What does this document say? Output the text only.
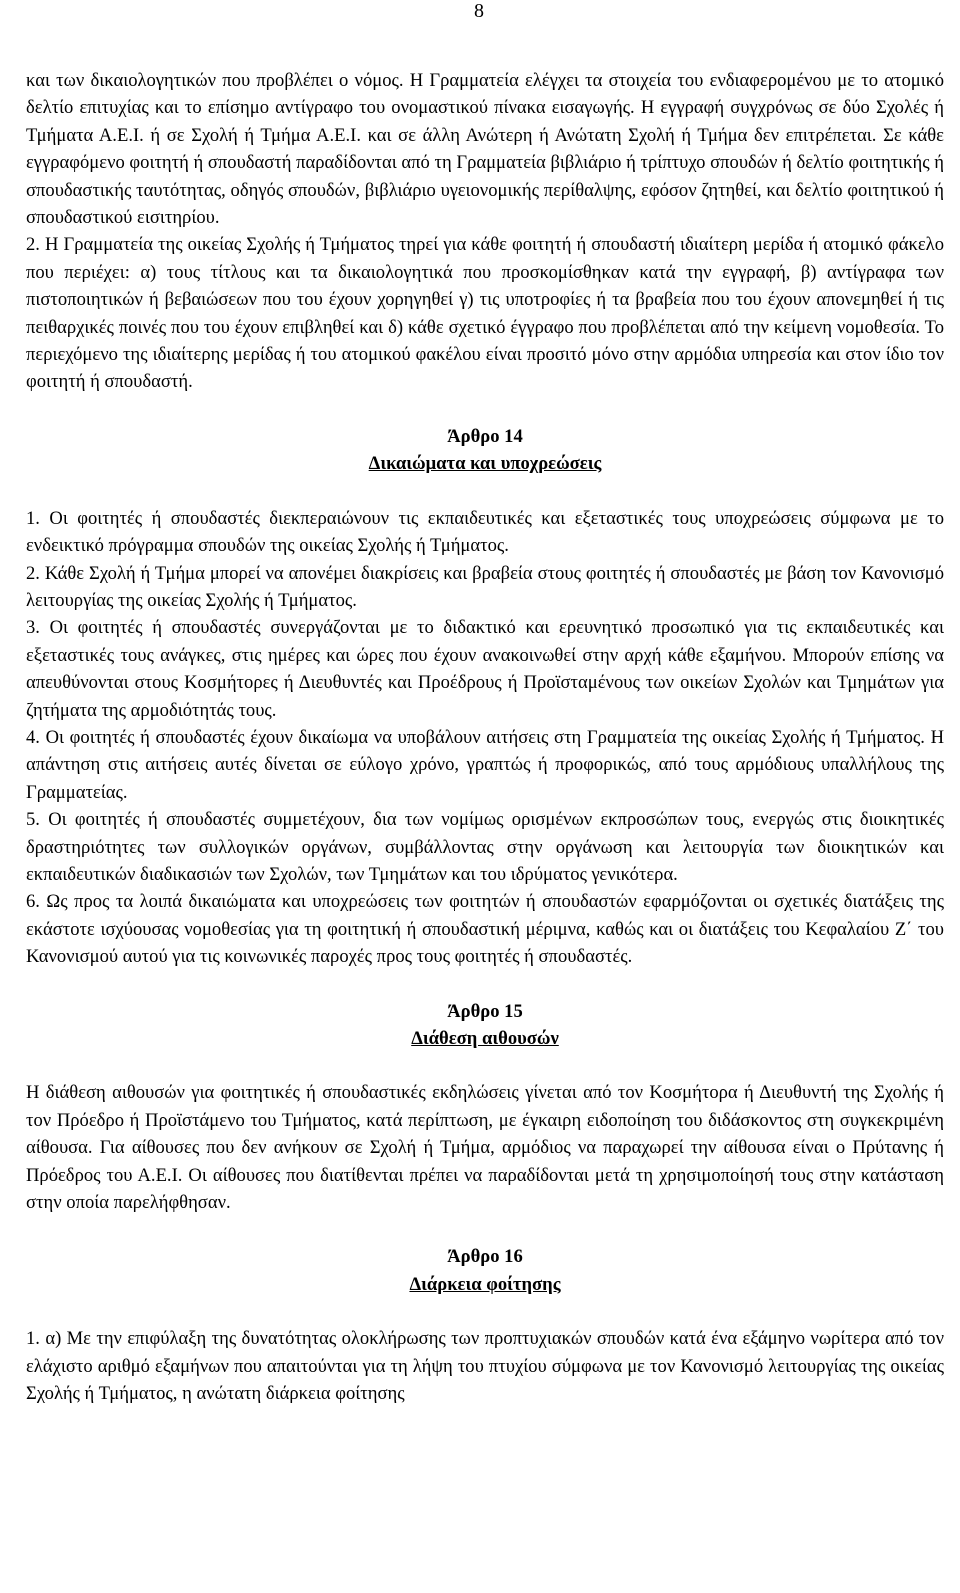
8

και των δικαιολογητικών που προβλέπει ο νόμος. Η Γραμματεία ελέγχει τα στοιχεία του ενδιαφερομένου με το ατομικό δελτίο επιτυχίας και το επίσημο αντίγραφο του ονομαστικού πίνακα εισαγωγής. Η εγγραφή συγχρόνως σε δύο Σχολές ή Τμήματα Α.Ε.Ι. ή σε Σχολή ή Τμήμα Α.Ε.Ι. και σε άλλη Ανώτερη ή Ανώτατη Σχολή ή Τμήμα δεν επιτρέπεται. Σε κάθε εγγραφόμενο φοιτητή ή σπουδαστή παραδίδονται από τη Γραμματεία βιβλιάριο ή τρίπτυχο σπουδών ή δελτίο φοιτητικής ή σπουδαστικής ταυτότητας, οδηγός σπουδών, βιβλιάριο υγειονομικής περίθαλψης, εφόσον ζητηθεί, και δελτίο φοιτητικού ή σπουδαστικού εισιτηρίου.

2. Η Γραμματεία της οικείας Σχολής ή Τμήματος τηρεί για κάθε φοιτητή ή σπουδαστή ιδιαίτερη μερίδα ή ατομικό φάκελο που περιέχει: α) τους τίτλους και τα δικαιολογητικά που προσκομίσθηκαν κατά την εγγραφή, β) αντίγραφα των πιστοποιητικών ή βεβαιώσεων που του έχουν χορηγηθεί γ) τις υποτροφίες ή τα βραβεία που του έχουν απονεμηθεί ή τις πειθαρχικές ποινές που του έχουν επιβληθεί και δ) κάθε σχετικό έγγραφο που προβλέπεται από την κείμενη νομοθεσία. Το περιεχόμενο της ιδιαίτερης μερίδας ή του ατομικού φακέλου είναι προσιτό μόνο στην αρμόδια υπηρεσία και στον ίδιο τον φοιτητή ή σπουδαστή.

Άρθρο 14
Δικαιώματα και υποχρεώσεις

1. Οι φοιτητές ή σπουδαστές διεκπεραιώνουν τις εκπαιδευτικές και εξεταστικές τους υποχρεώσεις σύμφωνα με το ενδεικτικό πρόγραμμα σπουδών της οικείας Σχολής ή Τμήματος.

2. Κάθε Σχολή ή Τμήμα μπορεί να απονέμει διακρίσεις και βραβεία στους φοιτητές ή σπουδαστές με βάση τον Κανονισμό λειτουργίας της οικείας Σχολής ή Τμήματος.

3. Οι φοιτητές ή σπουδαστές συνεργάζονται με το διδακτικό και ερευνητικό προσωπικό για τις εκπαιδευτικές και εξεταστικές τους ανάγκες, στις ημέρες και ώρες που έχουν ανακοινωθεί στην αρχή κάθε εξαμήνου. Μπορούν επίσης να απευθύνονται στους Κοσμήτορες ή Διευθυντές και Προέδρους ή Προϊσταμένους των οικείων Σχολών και Τμημάτων για ζητήματα της αρμοδιότητάς τους.

4. Οι φοιτητές ή σπουδαστές έχουν δικαίωμα να υποβάλουν αιτήσεις στη Γραμματεία της οικείας Σχολής ή Τμήματος. Η απάντηση στις αιτήσεις αυτές δίνεται σε εύλογο χρόνο, γραπτώς ή προφορικώς, από τους αρμόδιους υπαλλήλους της Γραμματείας.

5. Οι φοιτητές ή σπουδαστές συμμετέχουν, δια των νομίμως ορισμένων εκπροσώπων τους, ενεργώς στις διοικητικές δραστηριότητες των συλλογικών οργάνων, συμβάλλοντας στην οργάνωση και λειτουργία των διοικητικών και εκπαιδευτικών διαδικασιών των Σχολών, των Τμημάτων και του ιδρύματος γενικότερα.

6. Ως προς τα λοιπά δικαιώματα και υποχρεώσεις των φοιτητών ή σπουδαστών εφαρμόζονται οι σχετικές διατάξεις της εκάστοτε ισχύουσας νομοθεσίας για τη φοιτητική ή σπουδαστική μέριμνα, καθώς και οι διατάξεις του Κεφαλαίου Ζ΄ του Κανονισμού αυτού για τις κοινωνικές παροχές προς τους φοιτητές ή σπουδαστές.

Άρθρο 15
Διάθεση αιθουσών

Η διάθεση αιθουσών για φοιτητικές ή σπουδαστικές εκδηλώσεις γίνεται από τον Κοσμήτορα ή Διευθυντή της Σχολής ή τον Πρόεδρο ή Προϊστάμενο του Τμήματος, κατά περίπτωση, με έγκαιρη ειδοποίηση του διδάσκοντος στη συγκεκριμένη αίθουσα. Για αίθουσες που δεν ανήκουν σε Σχολή ή Τμήμα, αρμόδιος να παραχωρεί την αίθουσα είναι ο Πρύτανης ή Πρόεδρος του Α.Ε.Ι. Οι αίθουσες που διατίθενται πρέπει να παραδίδονται μετά τη χρησιμοποίησή τους στην κατάσταση στην οποία παρελήφθησαν.

Άρθρο 16
Διάρκεια φοίτησης

1. α) Με την επιφύλαξη της δυνατότητας ολοκλήρωσης των προπτυχιακών σπουδών κατά ένα εξάμηνο νωρίτερα από τον ελάχιστο αριθμό εξαμήνων που απαιτούνται για τη λήψη του πτυχίου σύμφωνα με τον Κανονισμό λειτουργίας της οικείας Σχολής ή Τμήματος, η ανώτατη διάρκεια φοίτησης
